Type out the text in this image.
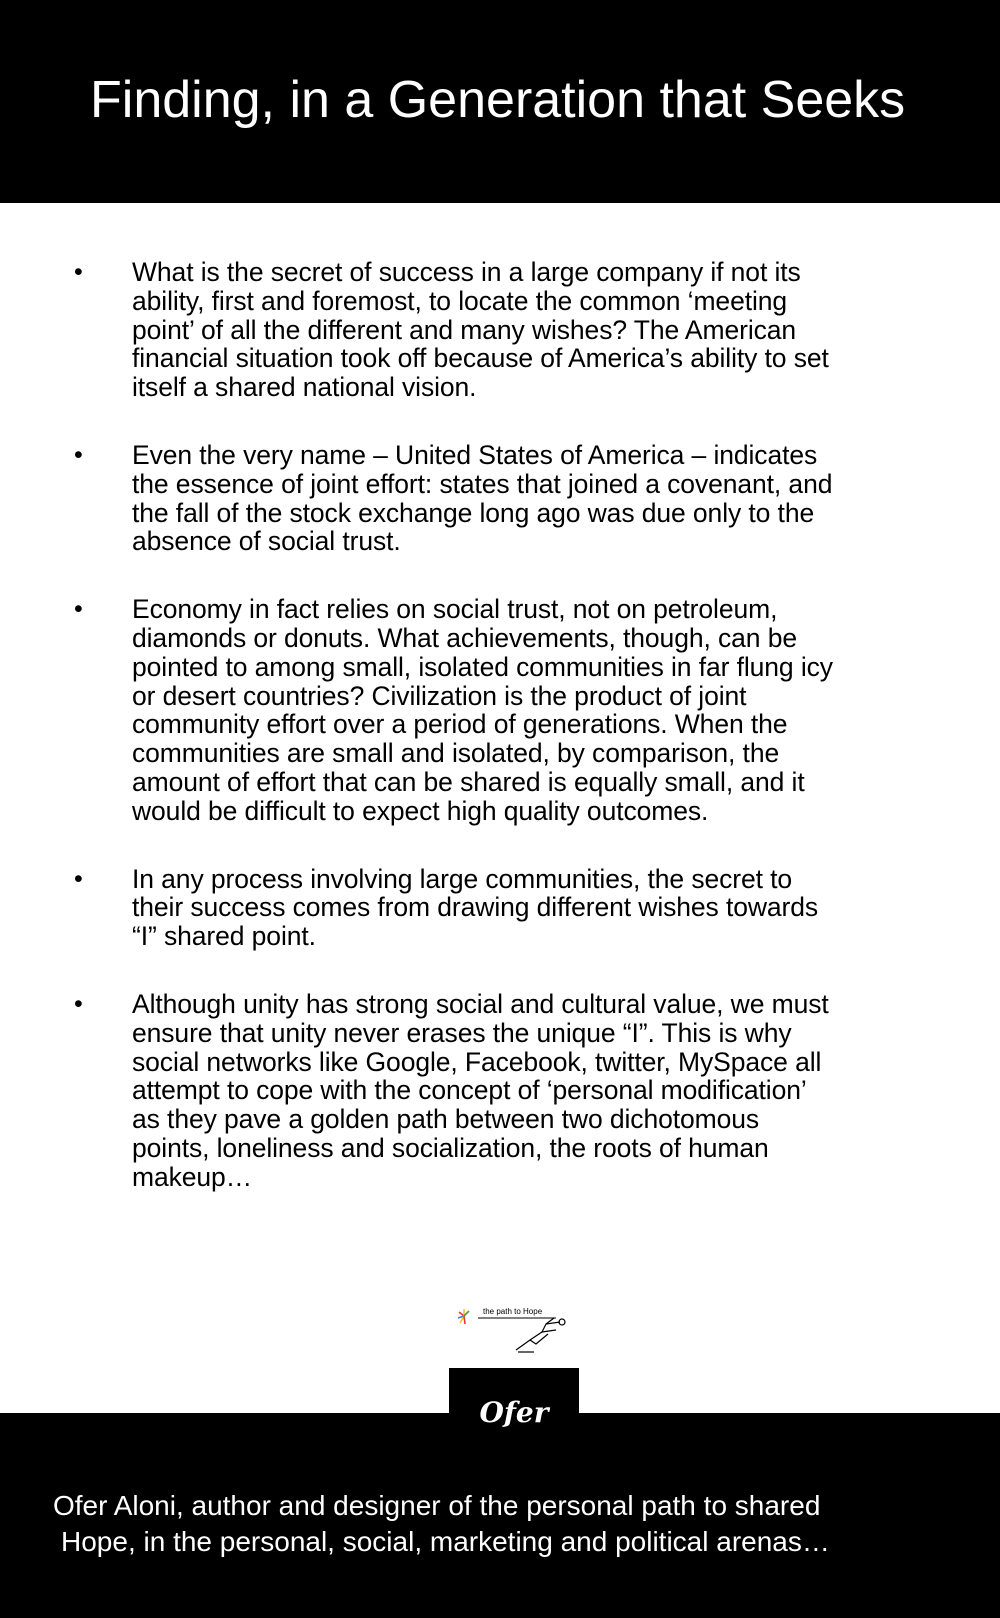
Finding, in a Generation that Seeks
• What is the secret of success in a large company if not its
ability, first and foremost, to locate the common ‘meeting
point’ of all the different and many wishes? The American
financial situation took off because of America’s ability to set
itself a shared national vision.
• Even the very name – United States of America – indicates
the essence of joint effort: states that joined a covenant, and
the fall of the stock exchange long ago was due only to the
absence of social trust.
• Economy in fact relies on social trust, not on petroleum,
diamonds or donuts. What achievements, though, can be
pointed to among small, isolated communities in far flung icy
or desert countries? Civilization is the product of joint
community effort over a period of generations. When the
communities are small and isolated, by comparison, the
amount of effort that can be shared is equally small, and it
would be difficult to expect high quality outcomes.
• In any process involving large communities, the secret to
their success comes from drawing different wishes towards
“I” shared point.
• Although unity has strong social and cultural value, we must
ensure that unity never erases the unique “I”. This is why
social networks like Google, Facebook, twitter, MySpace all
attempt to cope with the concept of ‘personal modification’
as they pave a golden path between two dichotomous
points, loneliness and socialization, the roots of human
makeup…
the path to Hope
Ofer
Ofer Aloni, author and designer of the personal path to shared
Hope, in the personal, social, marketing and political arenas…
